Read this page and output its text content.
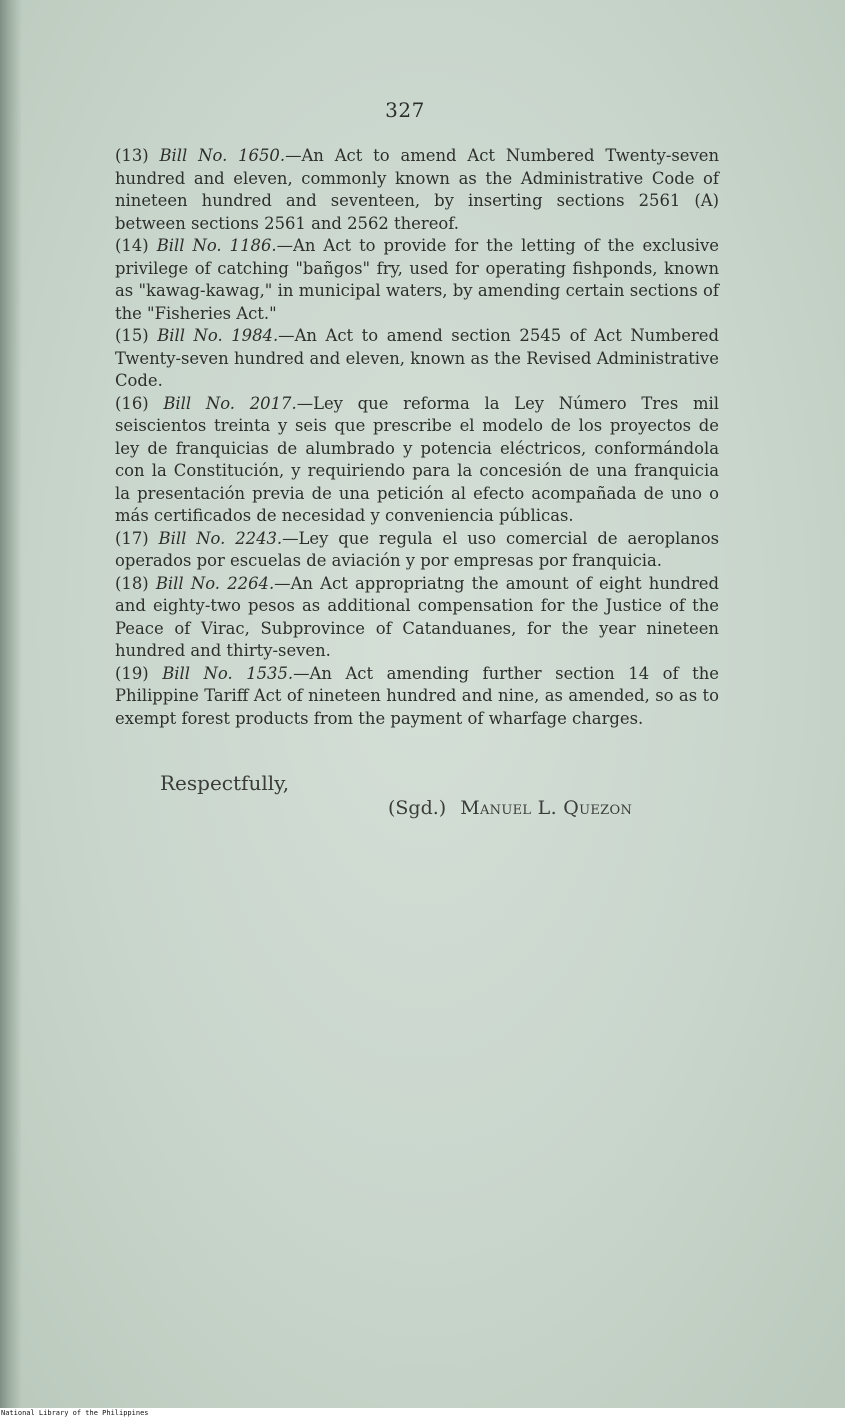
327

(13) Bill No. 1650.—An Act to amend Act Numbered Twenty-seven hundred and eleven, commonly known as the Administrative Code of nineteen hundred and seventeen, by inserting sections 2561 (A) between sections 2561 and 2562 thereof.

(14) Bill No. 1186.—An Act to provide for the letting of the exclusive privilege of catching "bañgos" fry, used for operating fishponds, known as "kawag-kawag," in municipal waters, by amending certain sections of the "Fisheries Act."

(15) Bill No. 1984.—An Act to amend section 2545 of Act Numbered Twenty-seven hundred and eleven, known as the Revised Administrative Code.

(16) Bill No. 2017.—Ley que reforma la Ley Número Tres mil seiscientos treinta y seis que prescribe el modelo de los proyectos de ley de franquicias de alumbrado y potencia eléctricos, conformándola con la Constitución, y requiriendo para la concesión de una franquicia la presentación previa de una petición al efecto acompañada de uno o más certificados de necesidad y conveniencia públicas.

(17) Bill No. 2243.—Ley que regula el uso comercial de aeroplanos operados por escuelas de aviación y por empresas por franquicia.

(18) Bill No. 2264.—An Act appropriatng the amount of eight hundred and eighty-two pesos as additional compensation for the Justice of the Peace of Virac, Subprovince of Catanduanes, for the year nineteen hundred and thirty-seven.

(19) Bill No. 1535.—An Act amending further section 14 of the Philippine Tariff Act of nineteen hundred and nine, as amended, so as to exempt forest products from the payment of wharfage charges.

Respectfully,
(Sgd.) Manuel L. Quezon
National Library of the Philippines
